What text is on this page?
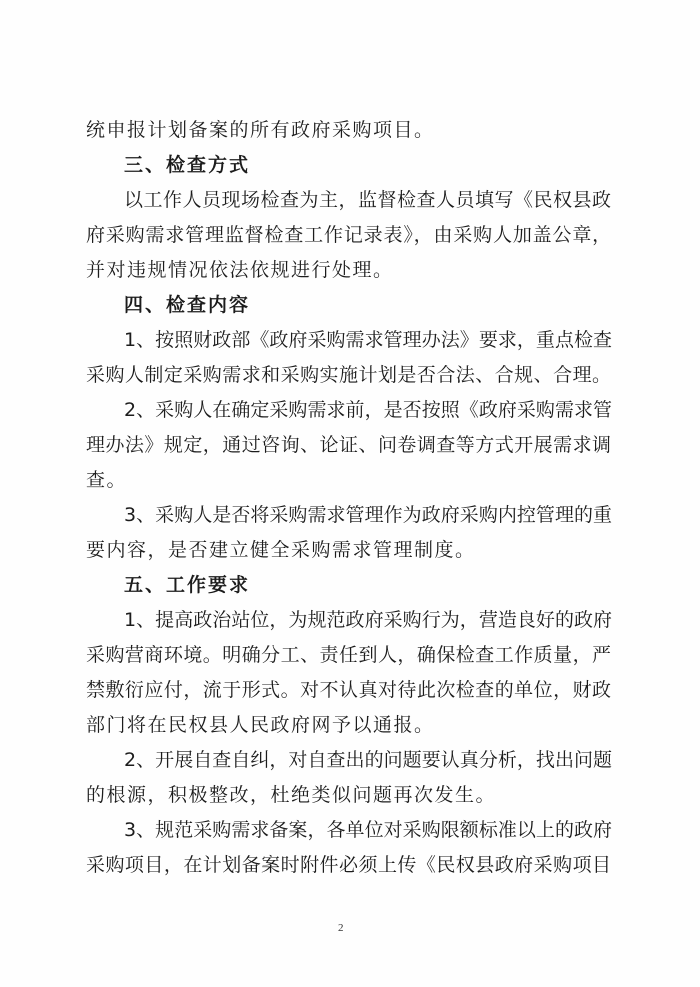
统申报计划备案的所有政府采购项目。
三、检查方式
以工作人员现场检查为主，监督检查人员填写《民权县政
府采购需求管理监督检查工作记录表》，由采购人加盖公章，
并对违规情况依法依规进行处理。
四、检查内容
1、按照财政部《政府采购需求管理办法》要求，重点检查
采购人制定采购需求和采购实施计划是否合法、合规、合理。
2、采购人在确定采购需求前，是否按照《政府采购需求管
理办法》规定，通过咨询、论证、问卷调查等方式开展需求调
查。
3、采购人是否将采购需求管理作为政府采购内控管理的重
要内容，是否建立健全采购需求管理制度。
五、工作要求
1、提高政治站位，为规范政府采购行为，营造良好的政府
采购营商环境。明确分工、责任到人，确保检查工作质量，严
禁敷衍应付，流于形式。对不认真对待此次检查的单位，财政
部门将在民权县人民政府网予以通报。
2、开展自查自纠，对自查出的问题要认真分析，找出问题
的根源，积极整改，杜绝类似问题再次发生。
3、规范采购需求备案，各单位对采购限额标准以上的政府
采购项目，在计划备案时附件必须上传《民权县政府采购项目
2
